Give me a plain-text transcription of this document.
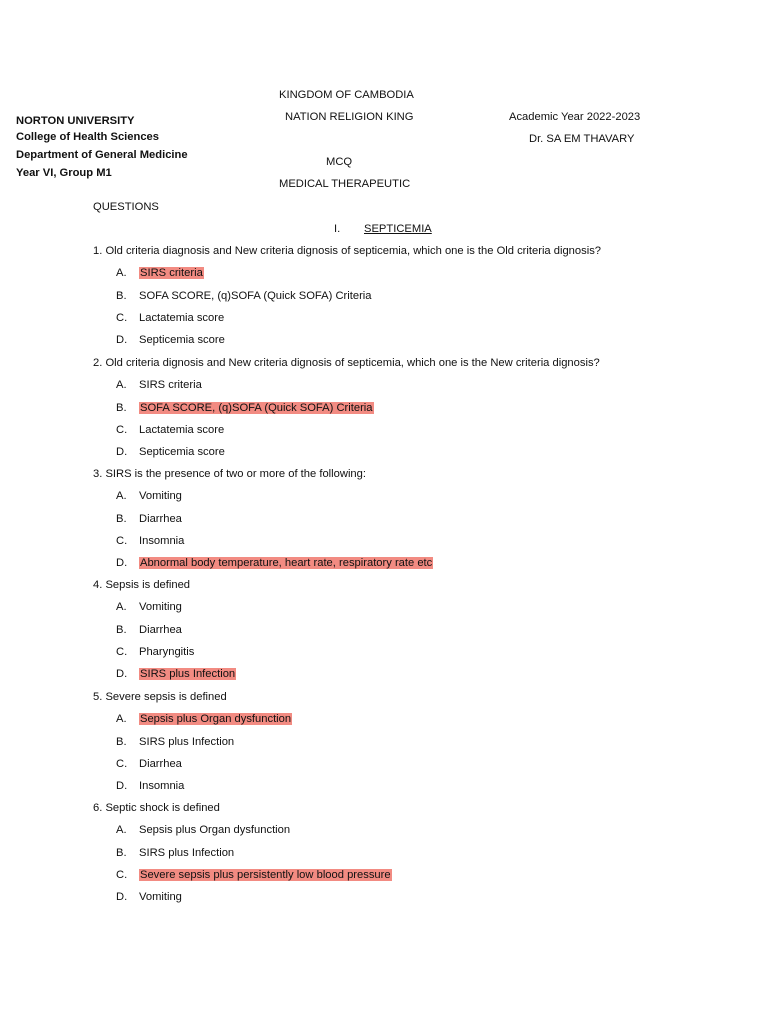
KINGDOM OF CAMBODIA
NATION RELIGION KING	Academic Year 2022-2023
Dr. SA EM THAVARY
MCQ
MEDICAL THERAPEUTIC
NORTON UNIVERSITY
College of Health Sciences
Department of General Medicine
Year VI, Group M1
QUESTIONS
I. SEPTICEMIA
1. Old criteria diagnosis and New criteria dignosis of septicemia, which one is the Old criteria dignosis?
A. SIRS criteria
B. SOFA SCORE, (q)SOFA (Quick SOFA) Criteria
C. Lactatemia score
D. Septicemia score
2. Old criteria dignosis and New criteria dignosis of septicemia, which one is the New criteria dignosis?
A. SIRS criteria
B. SOFA SCORE, (q)SOFA (Quick SOFA) Criteria
C. Lactatemia score
D. Septicemia score
3. SIRS is the presence of two or more of the following:
A. Vomiting
B. Diarrhea
C. Insomnia
D. Abnormal body temperature, heart rate, respiratory rate etc
4. Sepsis is defined
A. Vomiting
B. Diarrhea
C. Pharyngitis
D. SIRS plus Infection
5. Severe sepsis is defined
A. Sepsis plus Organ dysfunction
B. SIRS plus Infection
C. Diarrhea
D. Insomnia
6. Septic shock is defined
A. Sepsis plus Organ dysfunction
B. SIRS plus Infection
C. Severe sepsis plus persistently low blood pressure
D. Vomiting
